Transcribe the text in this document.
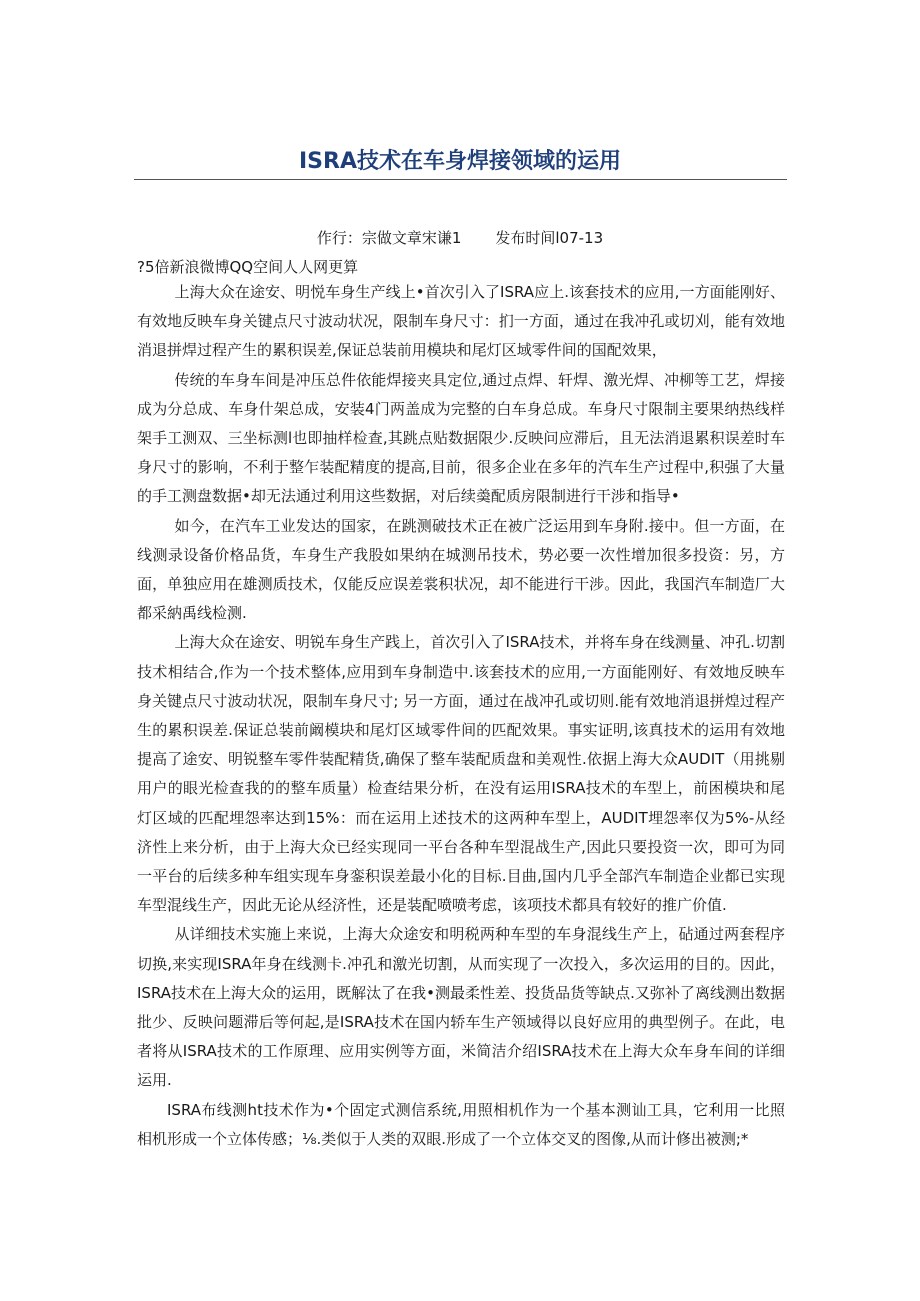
ISRA技术在车身焊接领域的运用
作行：宗做文章宋谦1 发布时间l07-13
?5倍新浪微博QQ空间人人网更算

上海大众在途安、明悦车身生产线上•首次引入了ISRA应上.该套技术的应用,一方面能刚好、有效地反映车身关键点尺寸波动状况，限制车身尺寸：扪一方面，通过在我冲孔或切刈，能有效地消退拼焊过程产生的累积误差,保证总装前用模块和尾灯区域零件间的国配效果，

传统的车身车间是冲压总件依能焊接夹具定位,通过点焊、轩焊、激光焊、冲柳等工艺，焊接成为分总成、车身什架总成，安装4门两盖成为完整的白车身总成。车身尺寸限制主要果纳热线样架手工测双、三坐标测l也即抽样检查,其跳点贴数据限少.反映问应滞后，且无法消退累积误差时车身尺寸的影响，不利于整乍装配精度的提高,目前，很多企业在多年的汽车生产过程中,积强了大量的手工测盘数据•却无法通过利用这些数据，对后续羮配质房限制进行干涉和指导•

如今，在汽车工业发达的国家，在跳测破技术正在被广泛运用到车身附.接中。但一方面，在线测录设备价格品货，车身生产我股如果纳在城测吊技术，势必要一次性增加很多投资：另，方面，单独应用在雄测质技术，仅能反应误差裳积状况，却不能进行干涉。因此，我国汽车制造厂大都采納禹线检测.

上海大众在途安、明锐车身生产践上，首次引入了ISRA技术，并将车身在线测量、冲孔.切割技术相结合,作为一个技术整体,应用到车身制造中.该套技术的应用,一方面能刚好、有效地反映车身关键点尺寸波动状况，限制车身尺寸; 另一方面，通过在战冲孔或切则.能有效地消退拼煌过程产生的累积误差.保证总装前阚模块和尾灯区域零件间的匹配效果。事实证明,该真技术的运用有效地提高了途安、明锐整车零件装配精货,确保了整车装配质盘和美观性.依据上海大众AUDIT（用挑剔用户的眼光检查我的的整车质量）检查结果分析，在没有运用ISRA技术的车型上，前困模块和尾灯区域的匹配埋怨率达到15%：而在运用上述技术的这两种车型上，AUDIT埋怨率仅为5%-从经济性上来分析，由于上海大众已经实现同一平台各种车型混战生产,因此只要投资一次，即可为同一平台的后续多种车组实现车身銮积误差最小化的目标.目曲,国内几乎全部汽车制造企业都已实现车型混线生产，因此无论从经济性，还是装配喷喷考虑，该项技术都具有较好的推广价值.

从详细技术实施上来说，上海大众途安和明税两种车型的车身混线生产上，砧通过两套程序切换,来实现ISRA年身在线测卡.冲孔和激光切割，从而实现了一次投入，多次运用的目的。因此，ISRA技术在上海大众的运用，既解汰了在我•测最柔性差、投货品货等缺点.又弥补了离线测出数据批少、反映问题滞后等何起,是ISRA技术在国内轿车生产领域得以良好应用的典型例子。在此，电者将从ISRA技术的工作原理、应用实例等方面，米简洁介绍ISRA技术在上海大众车身车间的详细运用.

ISRA布线测ht技术作为•个固定式测信系统,用照相机作为一个基本测讪工具，它利用一比照相机形成一个立体传感；⅛.类似于人类的双眼.形成了一个立体交叉的图像,从而计修出被测;*
